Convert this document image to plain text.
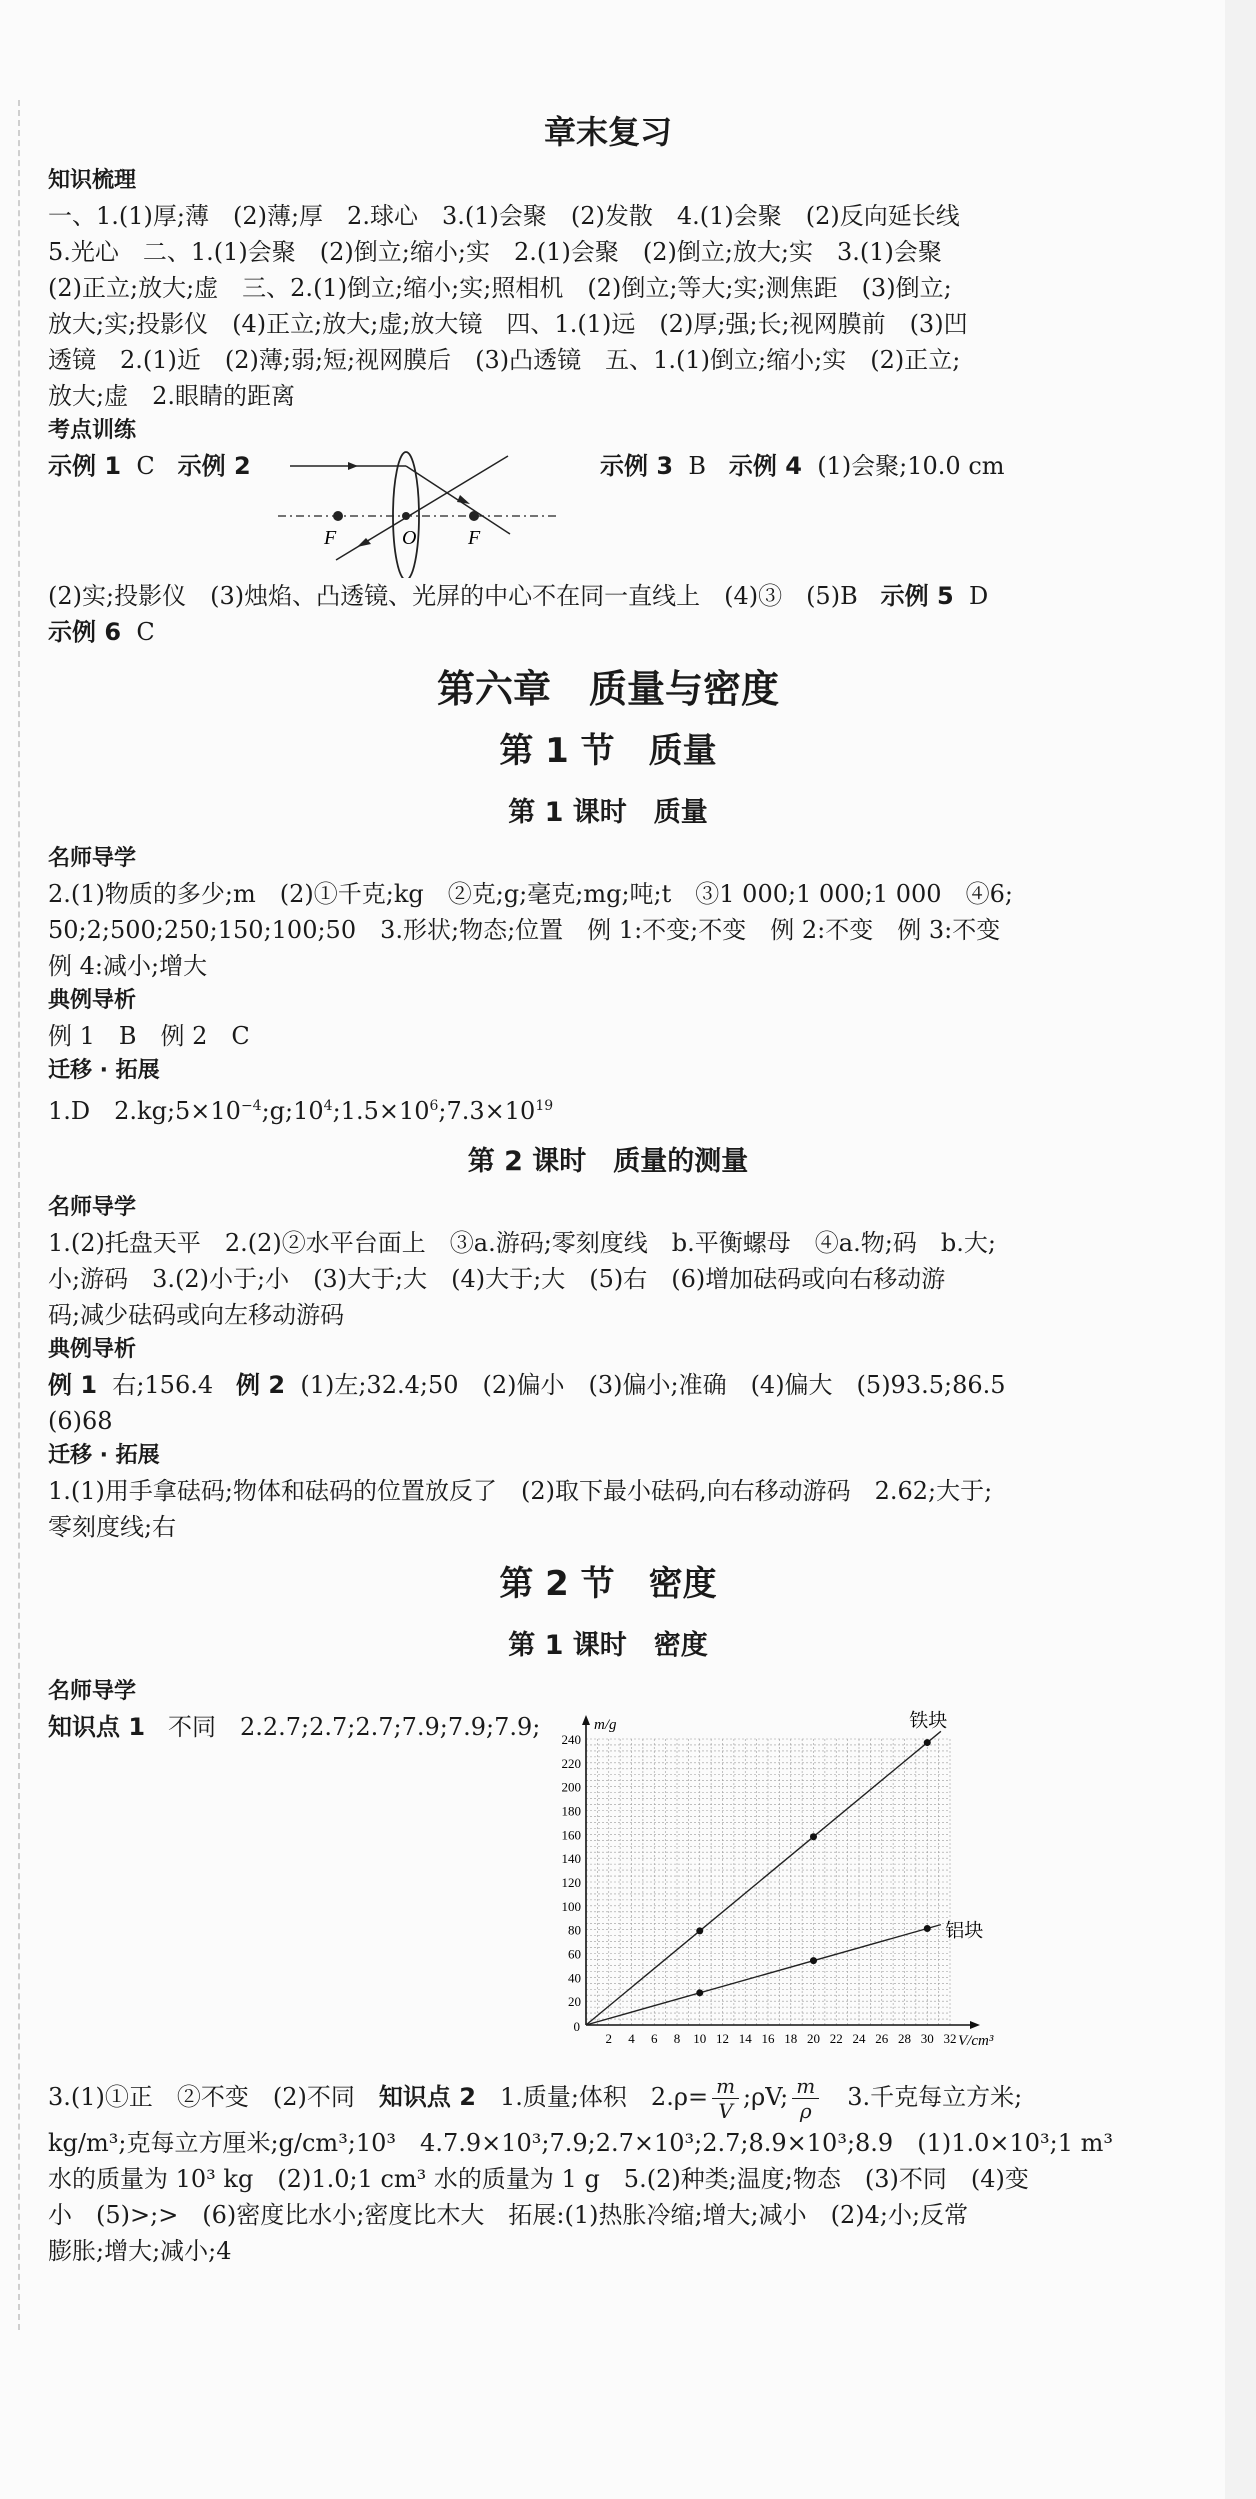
章末复习
知识梳理

一、1.(1)厚;薄　(2)薄;厚　2.球心　3.(1)会聚　(2)发散　4.(1)会聚　(2)反向延长线

5.光心　二、1.(1)会聚　(2)倒立;缩小;实　2.(1)会聚　(2)倒立;放大;实　3.(1)会聚

(2)正立;放大;虚　三、2.(1)倒立;缩小;实;照相机　(2)倒立;等大;实;测焦距　(3)倒立;

放大;实;投影仪　(4)正立;放大;虚;放大镜　四、1.(1)远　(2)厚;强;长;视网膜前　(3)凹

透镜　2.(1)近　(2)薄;弱;短;视网膜后　(3)凸透镜　五、1.(1)倒立;缩小;实　(2)正立;

放大;虚　2.眼睛的距离

考点训练
示例 1 C 示例 2
F	O	F
示例 3 B 示例 4 (1)会聚;10.0 cm

(2)实;投影仪　(3)烛焰、凸透镜、光屏的中心不在同一直线上　(4)③　(5)B 示例 5 D

示例 6 C

第六章　质量与密度
第 1 节　质量
第 1 课时　质量
名师导学

2.(1)物质的多少;m　(2)①千克;kg　②克;g;毫克;mg;吨;t　③1 000;1 000;1 000　④6;

50;2;500;250;150;100;50　3.形状;物态;位置　例 1:不变;不变　例 2:不变　例 3:不变

例 4:减小;增大

典例导析

例 1　B　例 2　C

迁移 · 拓展

1.D　$2.kg;5\times 10^{-4};g;10^4;1.5\times 10^6;7.3\times 10^{19}$

第 2 课时　质量的测量
名师导学

1.(2)托盘天平　2.(2)②水平台面上　③a.游码;零刻度线　b.平衡螺母　④a.物;码　b.大;

小;游码　3.(2)小于;小　(3)大于;大　(4)大于;大　(5)右　(6)增加砝码或向右移动游

码;减少砝码或向左移动游码

典例导析

例 1 右;156.4 例 2 (1)左;32.4;50　(2)偏小　(3)偏小;准确　(4)偏大　(5)93.5;86.5

(6)68

迁移 · 拓展

1.(1)用手拿砝码;物体和砝码的位置放反了　(2)取下最小砝码,向右移动游码　2.62;大于;

零刻度线;右

第 2 节　密度
第 1 课时　密度
名师导学
知识点 1 不同　2.2.7;2.7;2.7;7.9;7.9;7.9;
2 4 6 8 10 12 14 16 18 20 22 24 26 28 30 32
20
40
60
80
100
120
140
160
180
200
220
240
0
V/cm³
m/g	铁块
铝块

3.(1)①正　②不变　(2)不同　知识点 2　1.质量;体积　$2.\rho= \frac{m}{V}$ ;ρV; $\frac{m}{\rho}$ 　3.千克每立方米;

kg/m³;克每立方厘米;g/cm³;10³　4.7.9×10³;7.9;2.7×10³;2.7;8.9×10³;8.9　(1)1.0×10³;1 m³

水的质量为 10³ kg　(2)1.0;1 cm³ 水的质量为 1 g　5.(2)种类;温度;物态　(3)不同　(4)变

小　(5)>;>　(6)密度比水小;密度比木大　拓展:(1)热胀冷缩;增大;减小　(2)4;小;反常

膨胀;增大;减小;4
